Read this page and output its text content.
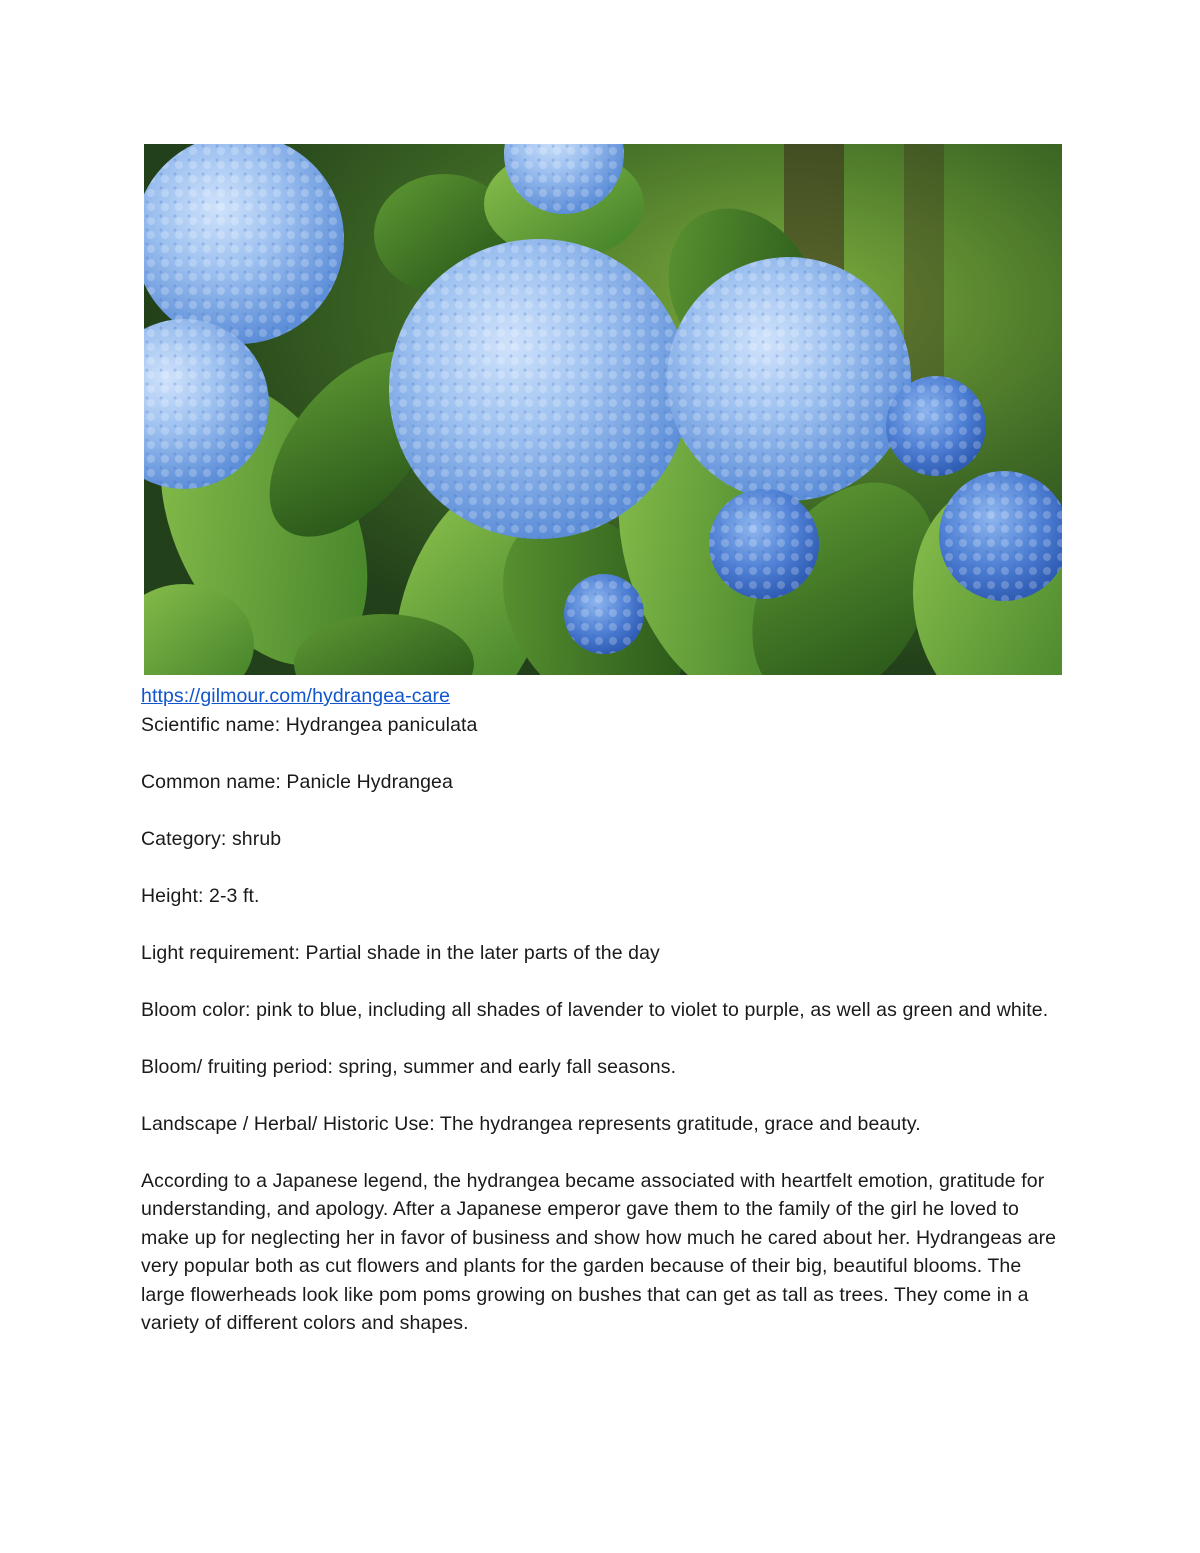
https://gilmour.com/hydrangea-care

Scientific name: Hydrangea paniculata

Common name: Panicle Hydrangea

Category: shrub

Height: 2-3 ft.

Light requirement: Partial shade in the later parts of the day

Bloom color: pink to blue, including all shades of lavender to violet to purple, as well as green and white.

Bloom/ fruiting period: spring, summer and early fall seasons.

Landscape / Herbal/ Historic Use: The hydrangea represents gratitude, grace and beauty.

According to a Japanese legend, the hydrangea became associated with heartfelt emotion, gratitude for understanding, and apology. After a Japanese emperor gave them to the family of the girl he loved to make up for neglecting her in favor of business and show how much he cared about her. Hydrangeas are very popular both as cut flowers and plants for the garden because of their big, beautiful blooms. The large flowerheads look like pom poms growing on bushes that can get as tall as trees. They come in a variety of different colors and shapes.
